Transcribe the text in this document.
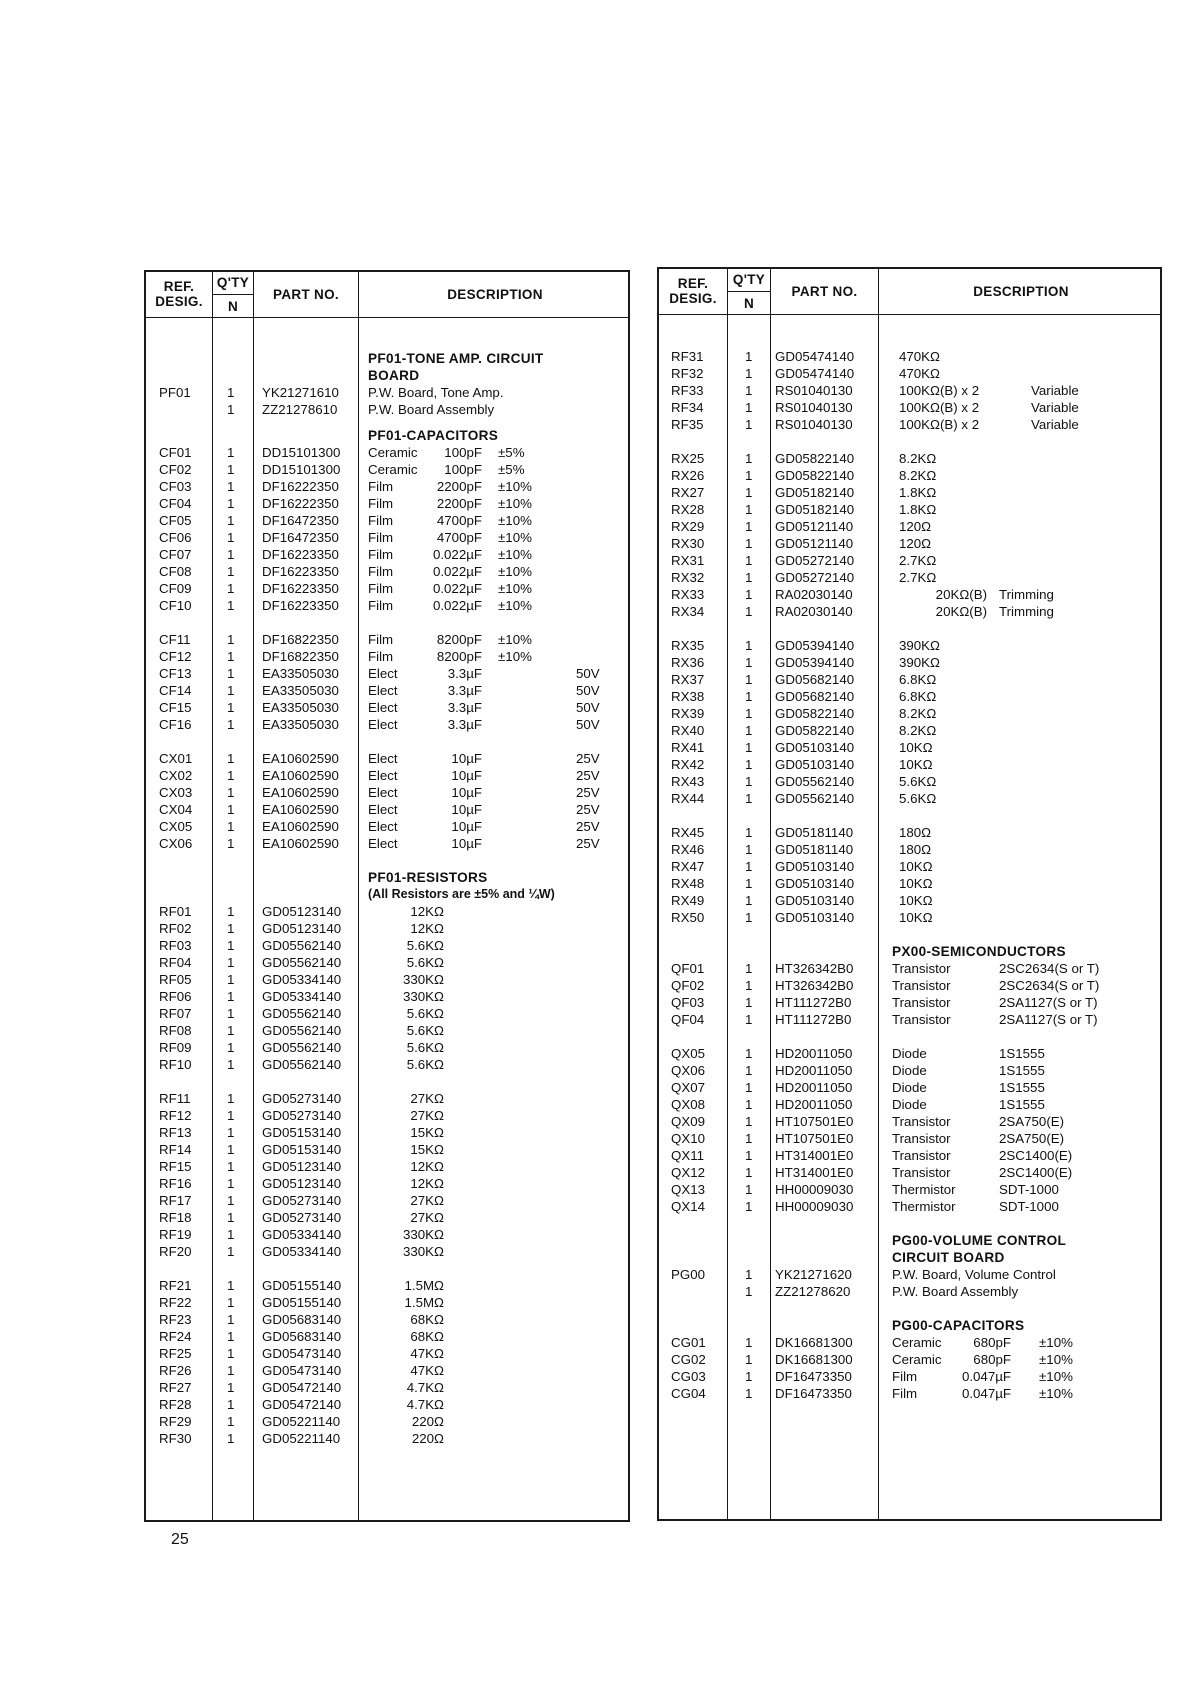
REF.
DESIG.
Q'TY
N
PART NO.	DESCRIPTION
PF01-TONE AMP. CIRCUIT
BOARD
PF01	1 YK21271610 P.W. Board, Tone Amp.
1 ZZ21278610 P.W. Board Assembly
PF01-CAPACITORS
CF01	1 DD15101300 Ceramic	100pF ±5%
CF02	1 DD15101300 Ceramic	100pF ±5%
CF03	1 DF16222350 Film	2200pF ±10%
CF04	1 DF16222350 Film	2200pF ±10%
CF05	1 DF16472350 Film	4700pF ±10%
CF06	1 DF16472350 Film	4700pF ±10%
CF07	1 DF16223350 Film	0.022µF ±10%
CF08	1 DF16223350 Film	0.022µF ±10%
CF09	1 DF16223350 Film	0.022µF ±10%
CF10	1 DF16223350 Film	0.022µF ±10%
CF11	1 DF16822350 Film	8200pF ±10%
CF12	1 DF16822350 Film	8200pF ±10%
CF13	1 EA33505030 Elect	3.3µF	50V
CF14	1 EA33505030 Elect	3.3µF	50V
CF15	1 EA33505030 Elect	3.3µF	50V
CF16	1 EA33505030 Elect	3.3µF	50V
CX01	1 EA10602590 Elect	10µF	25V
CX02	1 EA10602590 Elect	10µF	25V
CX03	1 EA10602590 Elect	10µF	25V
CX04	1 EA10602590 Elect	10µF	25V
CX05	1 EA10602590 Elect	10µF	25V
CX06	1 EA10602590 Elect	10µF	25V
PF01-RESISTORS
(All Resistors are ±5% and ¼W)
RF01	1 GD05123140	12KΩ
RF02	1 GD05123140	12KΩ
RF03	1 GD05562140	5.6KΩ
RF04	1 GD05562140	5.6KΩ
RF05	1 GD05334140	330KΩ
RF06	1 GD05334140	330KΩ
RF07	1 GD05562140	5.6KΩ
RF08	1 GD05562140	5.6KΩ
RF09	1 GD05562140	5.6KΩ
RF10	1 GD05562140	5.6KΩ
RF11	1 GD05273140	27KΩ
RF12	1 GD05273140	27KΩ
RF13	1 GD05153140	15KΩ
RF14	1 GD05153140	15KΩ
RF15	1 GD05123140	12KΩ
RF16	1 GD05123140	12KΩ
RF17	1 GD05273140	27KΩ
RF18	1 GD05273140	27KΩ
RF19	1 GD05334140	330KΩ
RF20	1 GD05334140	330KΩ
RF21	1 GD05155140	1.5MΩ
RF22	1 GD05155140	1.5MΩ
RF23	1 GD05683140	68KΩ
RF24	1 GD05683140	68KΩ
RF25	1 GD05473140	47KΩ
RF26	1 GD05473140	47KΩ
RF27	1 GD05472140	4.7KΩ
RF28	1 GD05472140	4.7KΩ
RF29	1 GD05221140	220Ω
RF30	1 GD05221140	220Ω
REF.
DESIG.
Q'TY
N
PART NO.	DESCRIPTION
RF31	1 GD05474140	470KΩ
RF32	1 GD05474140	470KΩ
RF33	1 RS01040130	100KΩ(B) x 2	Variable
RF34	1 RS01040130	100KΩ(B) x 2	Variable
RF35	1 RS01040130	100KΩ(B) x 2	Variable
RX25	1 GD05822140	8.2KΩ
RX26	1 GD05822140	8.2KΩ
RX27	1 GD05182140	1.8KΩ
RX28	1 GD05182140	1.8KΩ
RX29	1 GD05121140	120Ω
RX30	1 GD05121140	120Ω
RX31	1 GD05272140	2.7KΩ
RX32	1 GD05272140	2.7KΩ
RX33	1 RA02030140	20KΩ(B) Trimming
RX34	1 RA02030140	20KΩ(B) Trimming
RX35	1 GD05394140	390KΩ
RX36	1 GD05394140	390KΩ
RX37	1 GD05682140	6.8KΩ
RX38	1 GD05682140	6.8KΩ
RX39	1 GD05822140	8.2KΩ
RX40	1 GD05822140	8.2KΩ
RX41	1 GD05103140	10KΩ
RX42	1 GD05103140	10KΩ
RX43	1 GD05562140	5.6KΩ
RX44	1 GD05562140	5.6KΩ
RX45	1 GD05181140	180Ω
RX46	1 GD05181140	180Ω
RX47	1 GD05103140	10KΩ
RX48	1 GD05103140	10KΩ
RX49	1 GD05103140	10KΩ
RX50	1 GD05103140	10KΩ
PX00-SEMICONDUCTORS
QF01	1 HT326342B0	Transistor	2SC2634(S or T)
QF02	1 HT326342B0	Transistor	2SC2634(S or T)
QF03	1 HT111272B0	Transistor	2SA1127(S or T)
QF04	1 HT111272B0	Transistor	2SA1127(S or T)
QX05	1 HD20011050	Diode	1S1555
QX06	1 HD20011050	Diode	1S1555
QX07	1 HD20011050	Diode	1S1555
QX08	1 HD20011050	Diode	1S1555
QX09	1 HT107501E0	Transistor	2SA750(E)
QX10	1 HT107501E0	Transistor	2SA750(E)
QX11	1 HT314001E0	Transistor	2SC1400(E)
QX12	1 HT314001E0	Transistor	2SC1400(E)
QX13	1 HH00009030	Thermistor	SDT-1000
QX14	1 HH00009030	Thermistor	SDT-1000
PG00-VOLUME CONTROL
CIRCUIT BOARD
PG00	1 YK21271620	P.W. Board, Volume Control
1 ZZ21278620	P.W. Board Assembly
PG00-CAPACITORS
CG01	1 DK16681300	Ceramic	680pF ±10%
CG02	1 DK16681300	Ceramic	680pF ±10%
CG03	1 DF16473350	Film	0.047µF ±10%
CG04	1 DF16473350	Film	0.047µF ±10%
25
